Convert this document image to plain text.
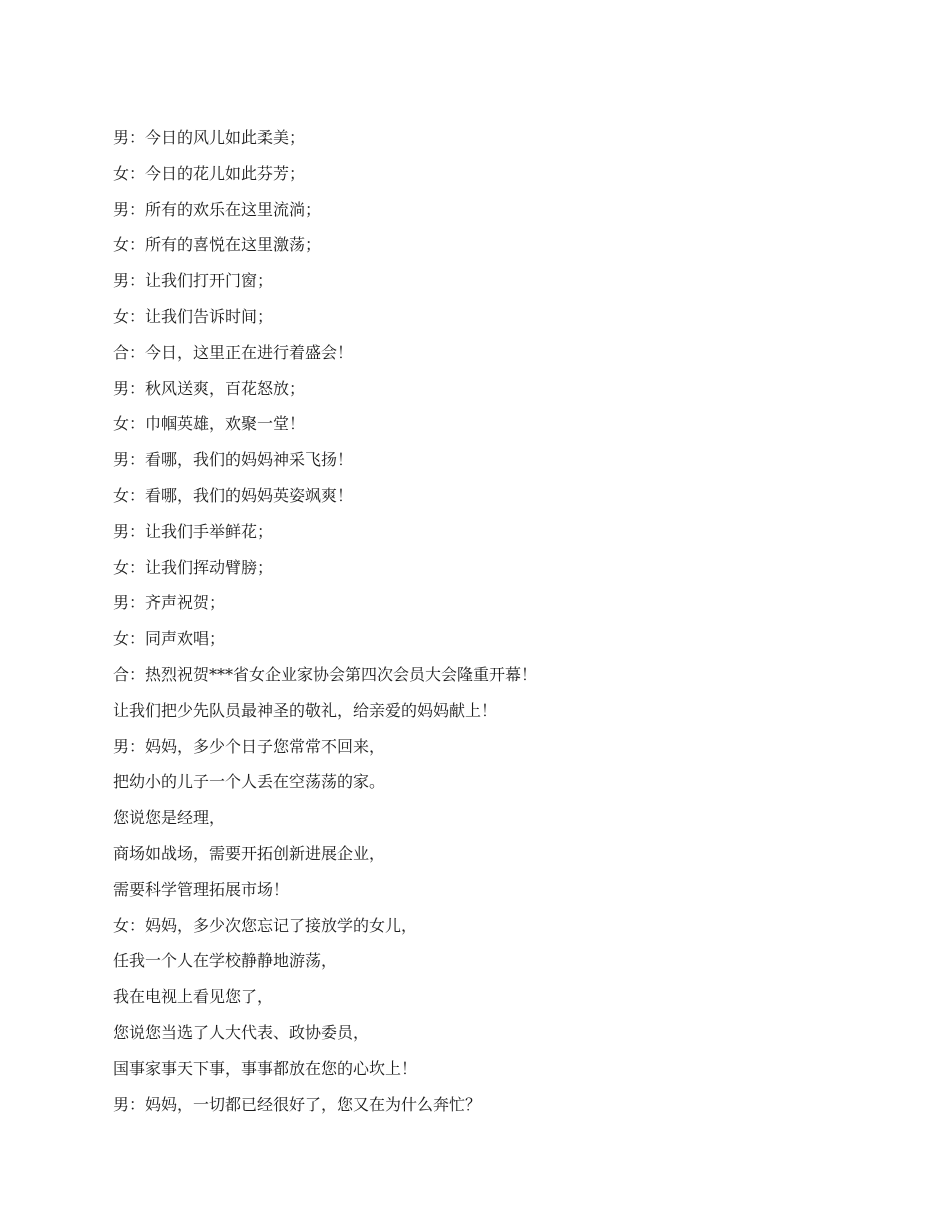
男：今日的风儿如此柔美；

女：今日的花儿如此芬芳；

男：所有的欢乐在这里流淌；

女：所有的喜悦在这里激荡；

男：让我们打开门窗；

女：让我们告诉时间；

合：今日，这里正在进行着盛会！

男：秋风送爽，百花怒放；

女：巾帼英雄，欢聚一堂！

男：看哪，我们的妈妈神采飞扬！

女：看哪，我们的妈妈英姿飒爽！

男：让我们手举鲜花；

女：让我们挥动臂膀；

男：齐声祝贺；

女：同声欢唱；

合：热烈祝贺***省女企业家协会第四次会员大会隆重开幕！

让我们把少先队员最神圣的敬礼，给亲爱的妈妈献上！

男：妈妈，多少个日子您常常不回来，

把幼小的儿子一个人丢在空荡荡的家。

您说您是经理，

商场如战场，需要开拓创新进展企业，

需要科学管理拓展市场！

女：妈妈，多少次您忘记了接放学的女儿，

任我一个人在学校静静地游荡，

我在电视上看见您了，

您说您当选了人大代表、政协委员，

国事家事天下事，事事都放在您的心坎上！

男：妈妈，一切都已经很好了，您又在为什么奔忙？
